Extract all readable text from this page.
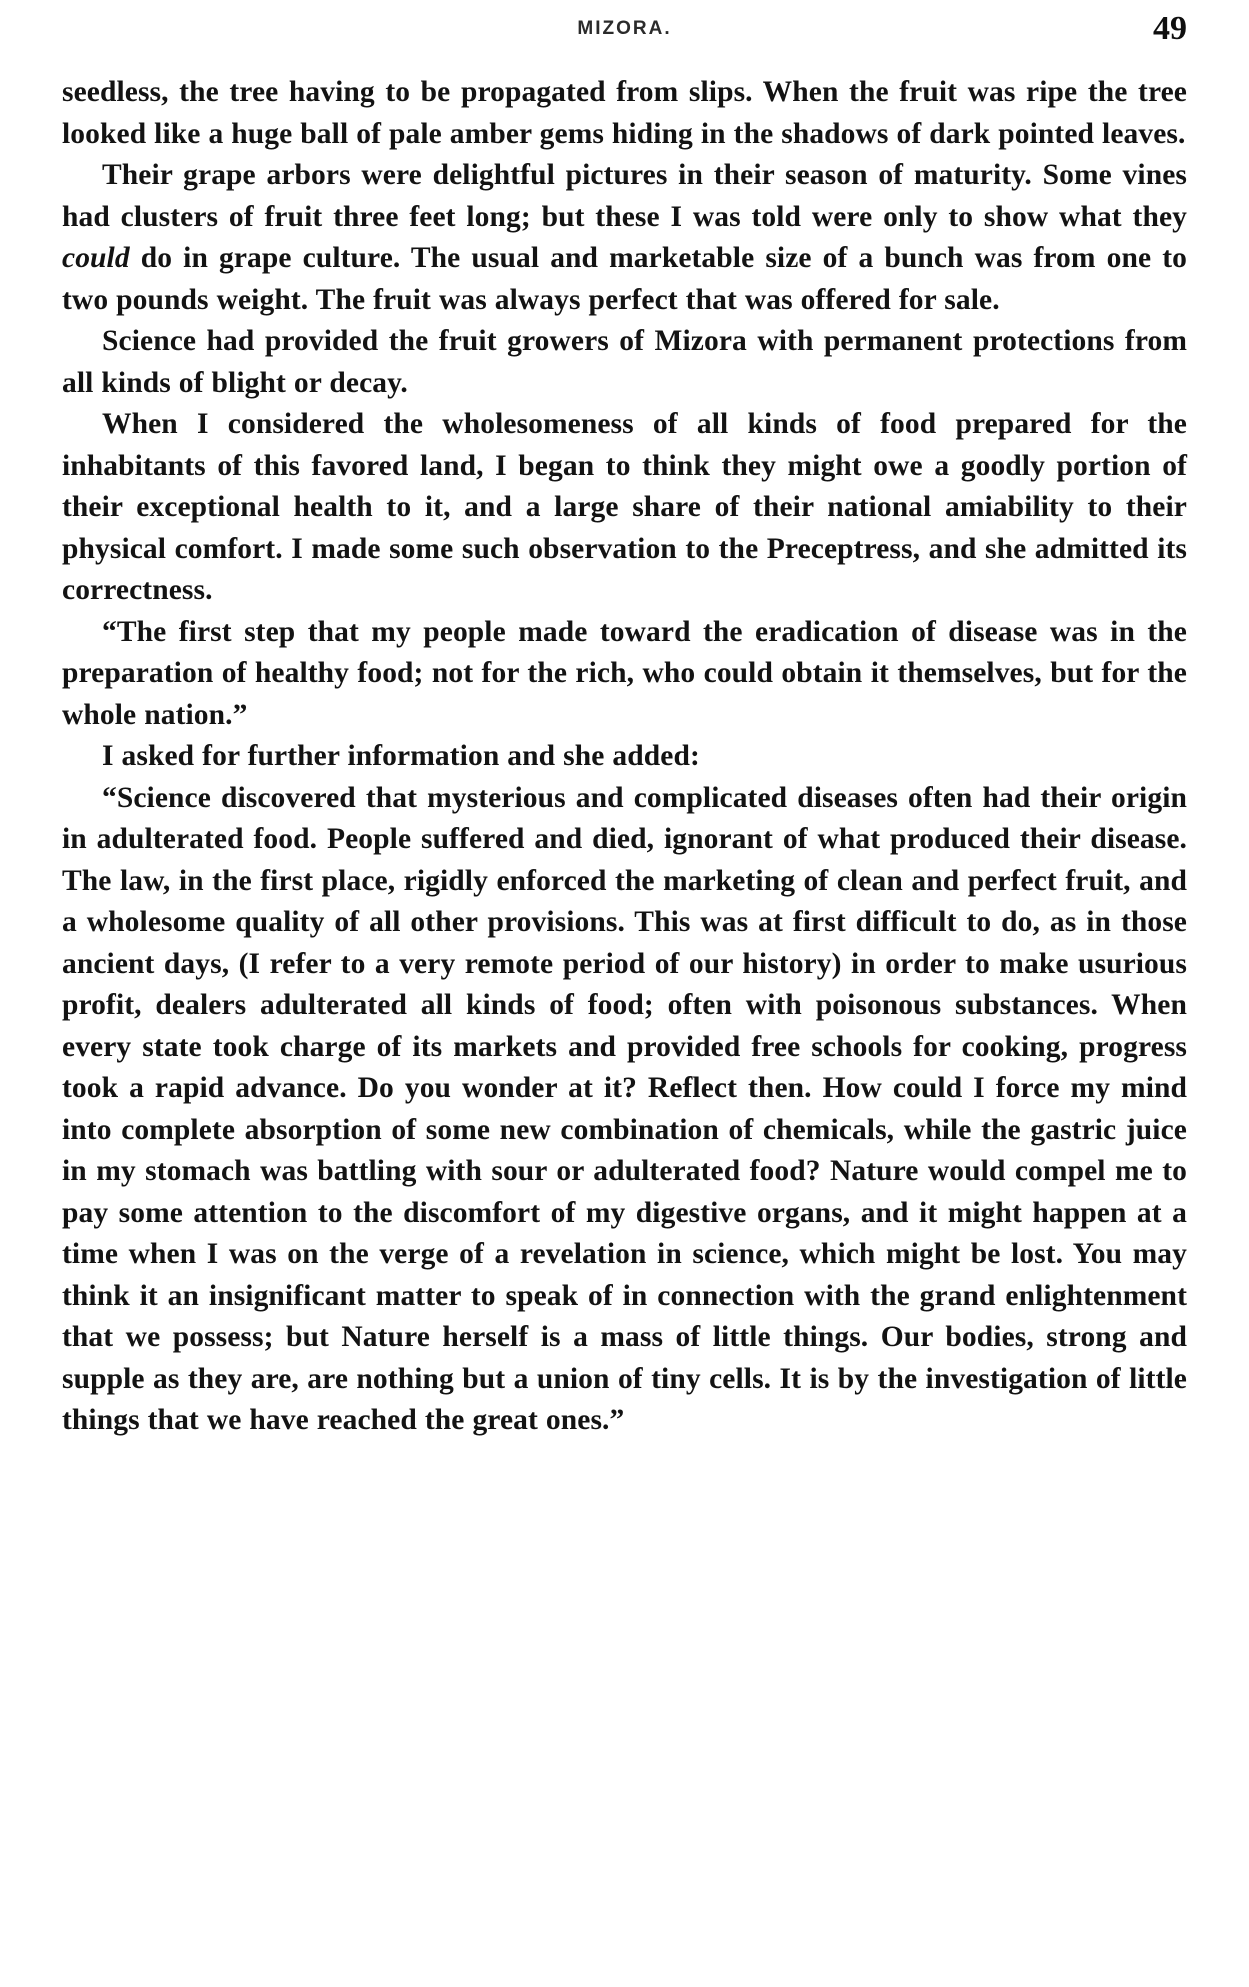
MIZORA.	49

seedless, the tree having to be propagated from slips. When the fruit was ripe the tree looked like a huge ball of pale amber gems hiding in the shadows of dark pointed leaves.

Their grape arbors were delightful pictures in their season of maturity. Some vines had clusters of fruit three feet long; but these I was told were only to show what they could do in grape culture. The usual and marketable size of a bunch was from one to two pounds weight. The fruit was always perfect that was offered for sale.

Science had provided the fruit growers of Mizora with permanent protections from all kinds of blight or decay.

When I considered the wholesomeness of all kinds of food prepared for the inhabitants of this favored land, I began to think they might owe a goodly portion of their exceptional health to it, and a large share of their national amiability to their physical comfort. I made some such observation to the Preceptress, and she admitted its correctness.

“The first step that my people made toward the eradication of disease was in the preparation of healthy food; not for the rich, who could obtain it themselves, but for the whole nation.”

I asked for further information and she added:

“Science discovered that mysterious and complicated diseases often had their origin in adulterated food. People suffered and died, ignorant of what produced their disease. The law, in the first place, rigidly enforced the marketing of clean and perfect fruit, and a wholesome quality of all other provisions. This was at first difficult to do, as in those ancient days, (I refer to a very remote period of our history) in order to make usurious profit, dealers adulterated all kinds of food; often with poisonous substances. When every state took charge of its markets and provided free schools for cooking, progress took a rapid advance. Do you wonder at it? Reflect then. How could I force my mind into complete absorption of some new combination of chemicals, while the gastric juice in my stomach was battling with sour or adulterated food? Nature would compel me to pay some attention to the discomfort of my digestive organs, and it might happen at a time when I was on the verge of a revelation in science, which might be lost. You may think it an insignificant matter to speak of in connection with the grand enlightenment that we possess; but Nature herself is a mass of little things. Our bodies, strong and supple as they are, are nothing but a union of tiny cells. It is by the investigation of little things that we have reached the great ones.”
